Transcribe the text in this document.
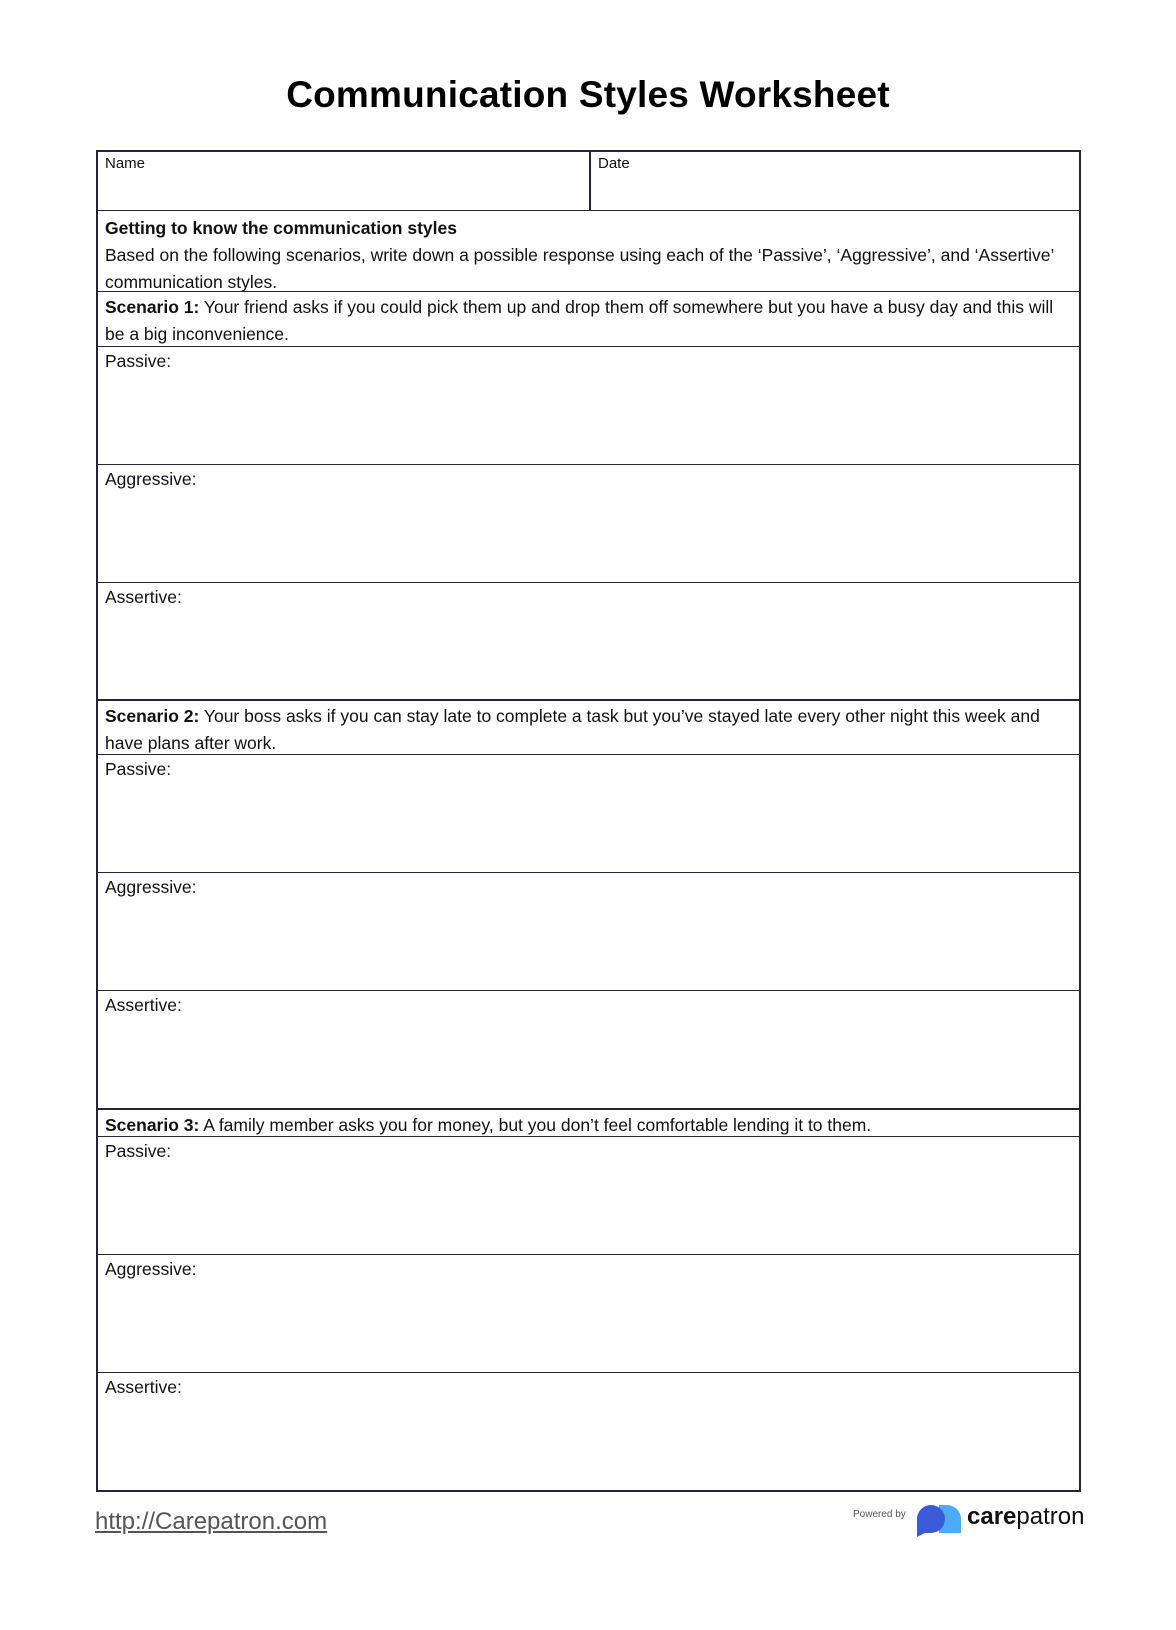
Communication Styles Worksheet
Name	Date
Getting to know the communication styles
Based on the following scenarios, write down a possible response using each of the ‘Passive’, ‘Aggressive’, and ‘Assertive’ communication styles.
Scenario 1: Your friend asks if you could pick them up and drop them off somewhere but you have a busy day and this will be a big inconvenience.
Passive:
Aggressive:
Assertive:
Scenario 2: Your boss asks if you can stay late to complete a task but you’ve stayed late every other night this week and have plans after work.
Passive:
Aggressive:
Assertive:
Scenario 3: A family member asks you for money, but you don’t feel comfortable lending it to them.
Passive:
Aggressive:
Assertive:
http://Carepatron.com	Powered by	carepatron
